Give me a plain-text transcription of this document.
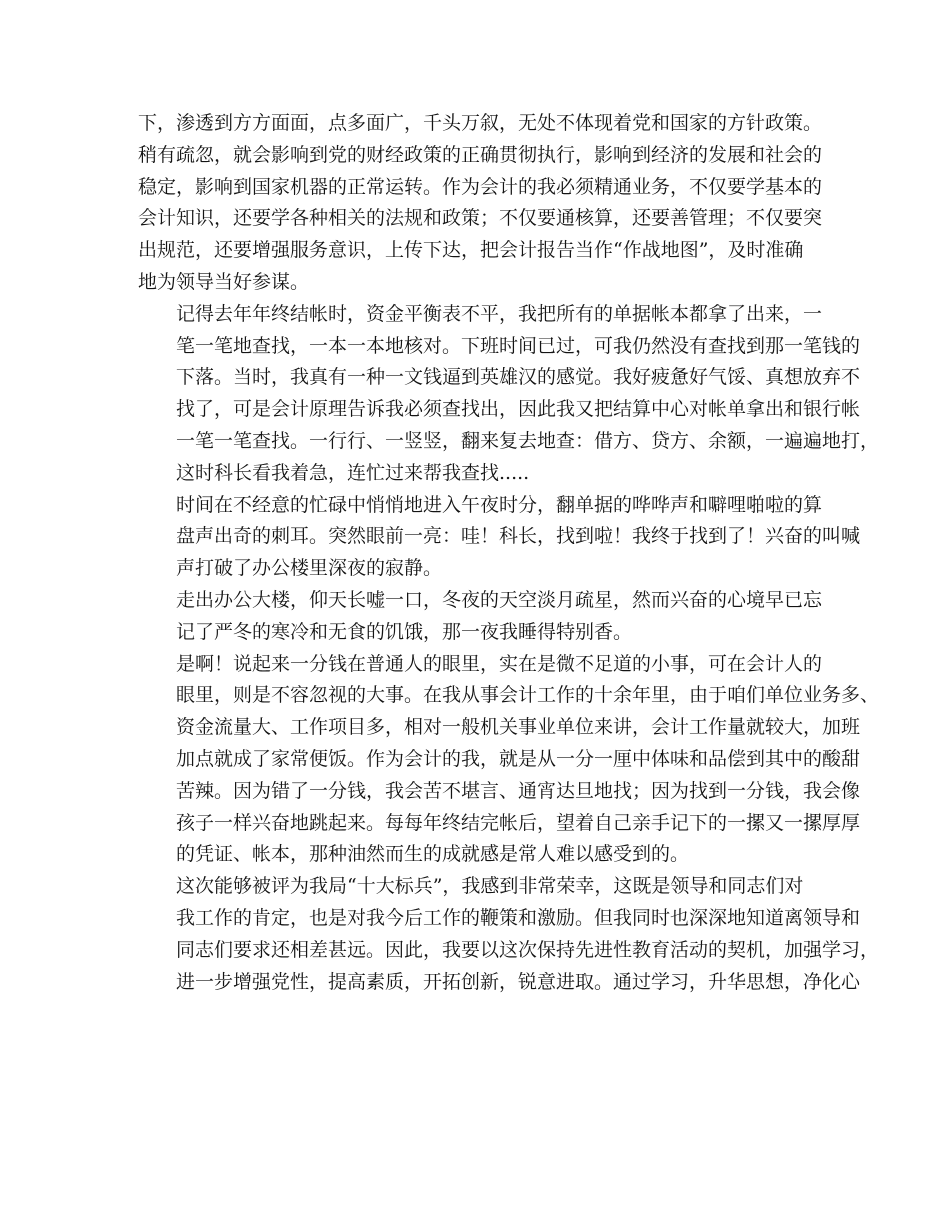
下，渗透到方方面面，点多面广，千头万叙，无处不体现着党和国家的方针政策。
稍有疏忽，就会影响到党的财经政策的正确贯彻执行，影响到经济的发展和社会的
稳定，影响到国家机器的正常运转。作为会计的我必须精通业务，不仅要学基本的
会计知识，还要学各种相关的法规和政策；不仅要通核算，还要善管理；不仅要突
出规范，还要增强服务意识，上传下达，把会计报告当作“作战地图”，及时准确
地为领导当好参谋。

记得去年年终结帐时，资金平衡表不平，我把所有的单据帐本都拿了出来，一
笔一笔地查找，一本一本地核对。下班时间已过，可我仍然没有查找到那一笔钱的
下落。当时，我真有一种一文钱逼到英雄汉的感觉。我好疲惫好气馁、真想放弃不
找了，可是会计原理告诉我必须查找出，因此我又把结算中心对帐单拿出和银行帐
一笔一笔查找。一行行、一竖竖，翻来复去地查：借方、贷方、余额，一遍遍地打，
这时科长看我着急，连忙过来帮我查找.....

时间在不经意的忙碌中悄悄地进入午夜时分，翻单据的哗哗声和噼哩啪啦的算
盘声出奇的刺耳。突然眼前一亮：哇！科长，找到啦！我终于找到了！兴奋的叫喊
声打破了办公楼里深夜的寂静。

走出办公大楼，仰天长嘘一口，冬夜的天空淡月疏星，然而兴奋的心境早已忘
记了严冬的寒冷和无食的饥饿，那一夜我睡得特别香。

是啊！说起来一分钱在普通人的眼里，实在是微不足道的小事，可在会计人的
眼里，则是不容忽视的大事。在我从事会计工作的十余年里，由于咱们单位业务多、
资金流量大、工作项目多，相对一般机关事业单位来讲，会计工作量就较大，加班
加点就成了家常便饭。作为会计的我，就是从一分一厘中体味和品偿到其中的酸甜
苦辣。因为错了一分钱，我会苦不堪言、通宵达旦地找；因为找到一分钱，我会像
孩子一样兴奋地跳起来。每每年终结完帐后，望着自己亲手记下的一摞又一摞厚厚
的凭证、帐本，那种油然而生的成就感是常人难以感受到的。

这次能够被评为我局“十大标兵”，我感到非常荣幸，这既是领导和同志们对
我工作的肯定，也是对我今后工作的鞭策和激励。但我同时也深深地知道离领导和
同志们要求还相差甚远。因此，我要以这次保持先进性教育活动的契机，加强学习，
进一步增强党性，提高素质，开拓创新，锐意进取。通过学习，升华思想，净化心
